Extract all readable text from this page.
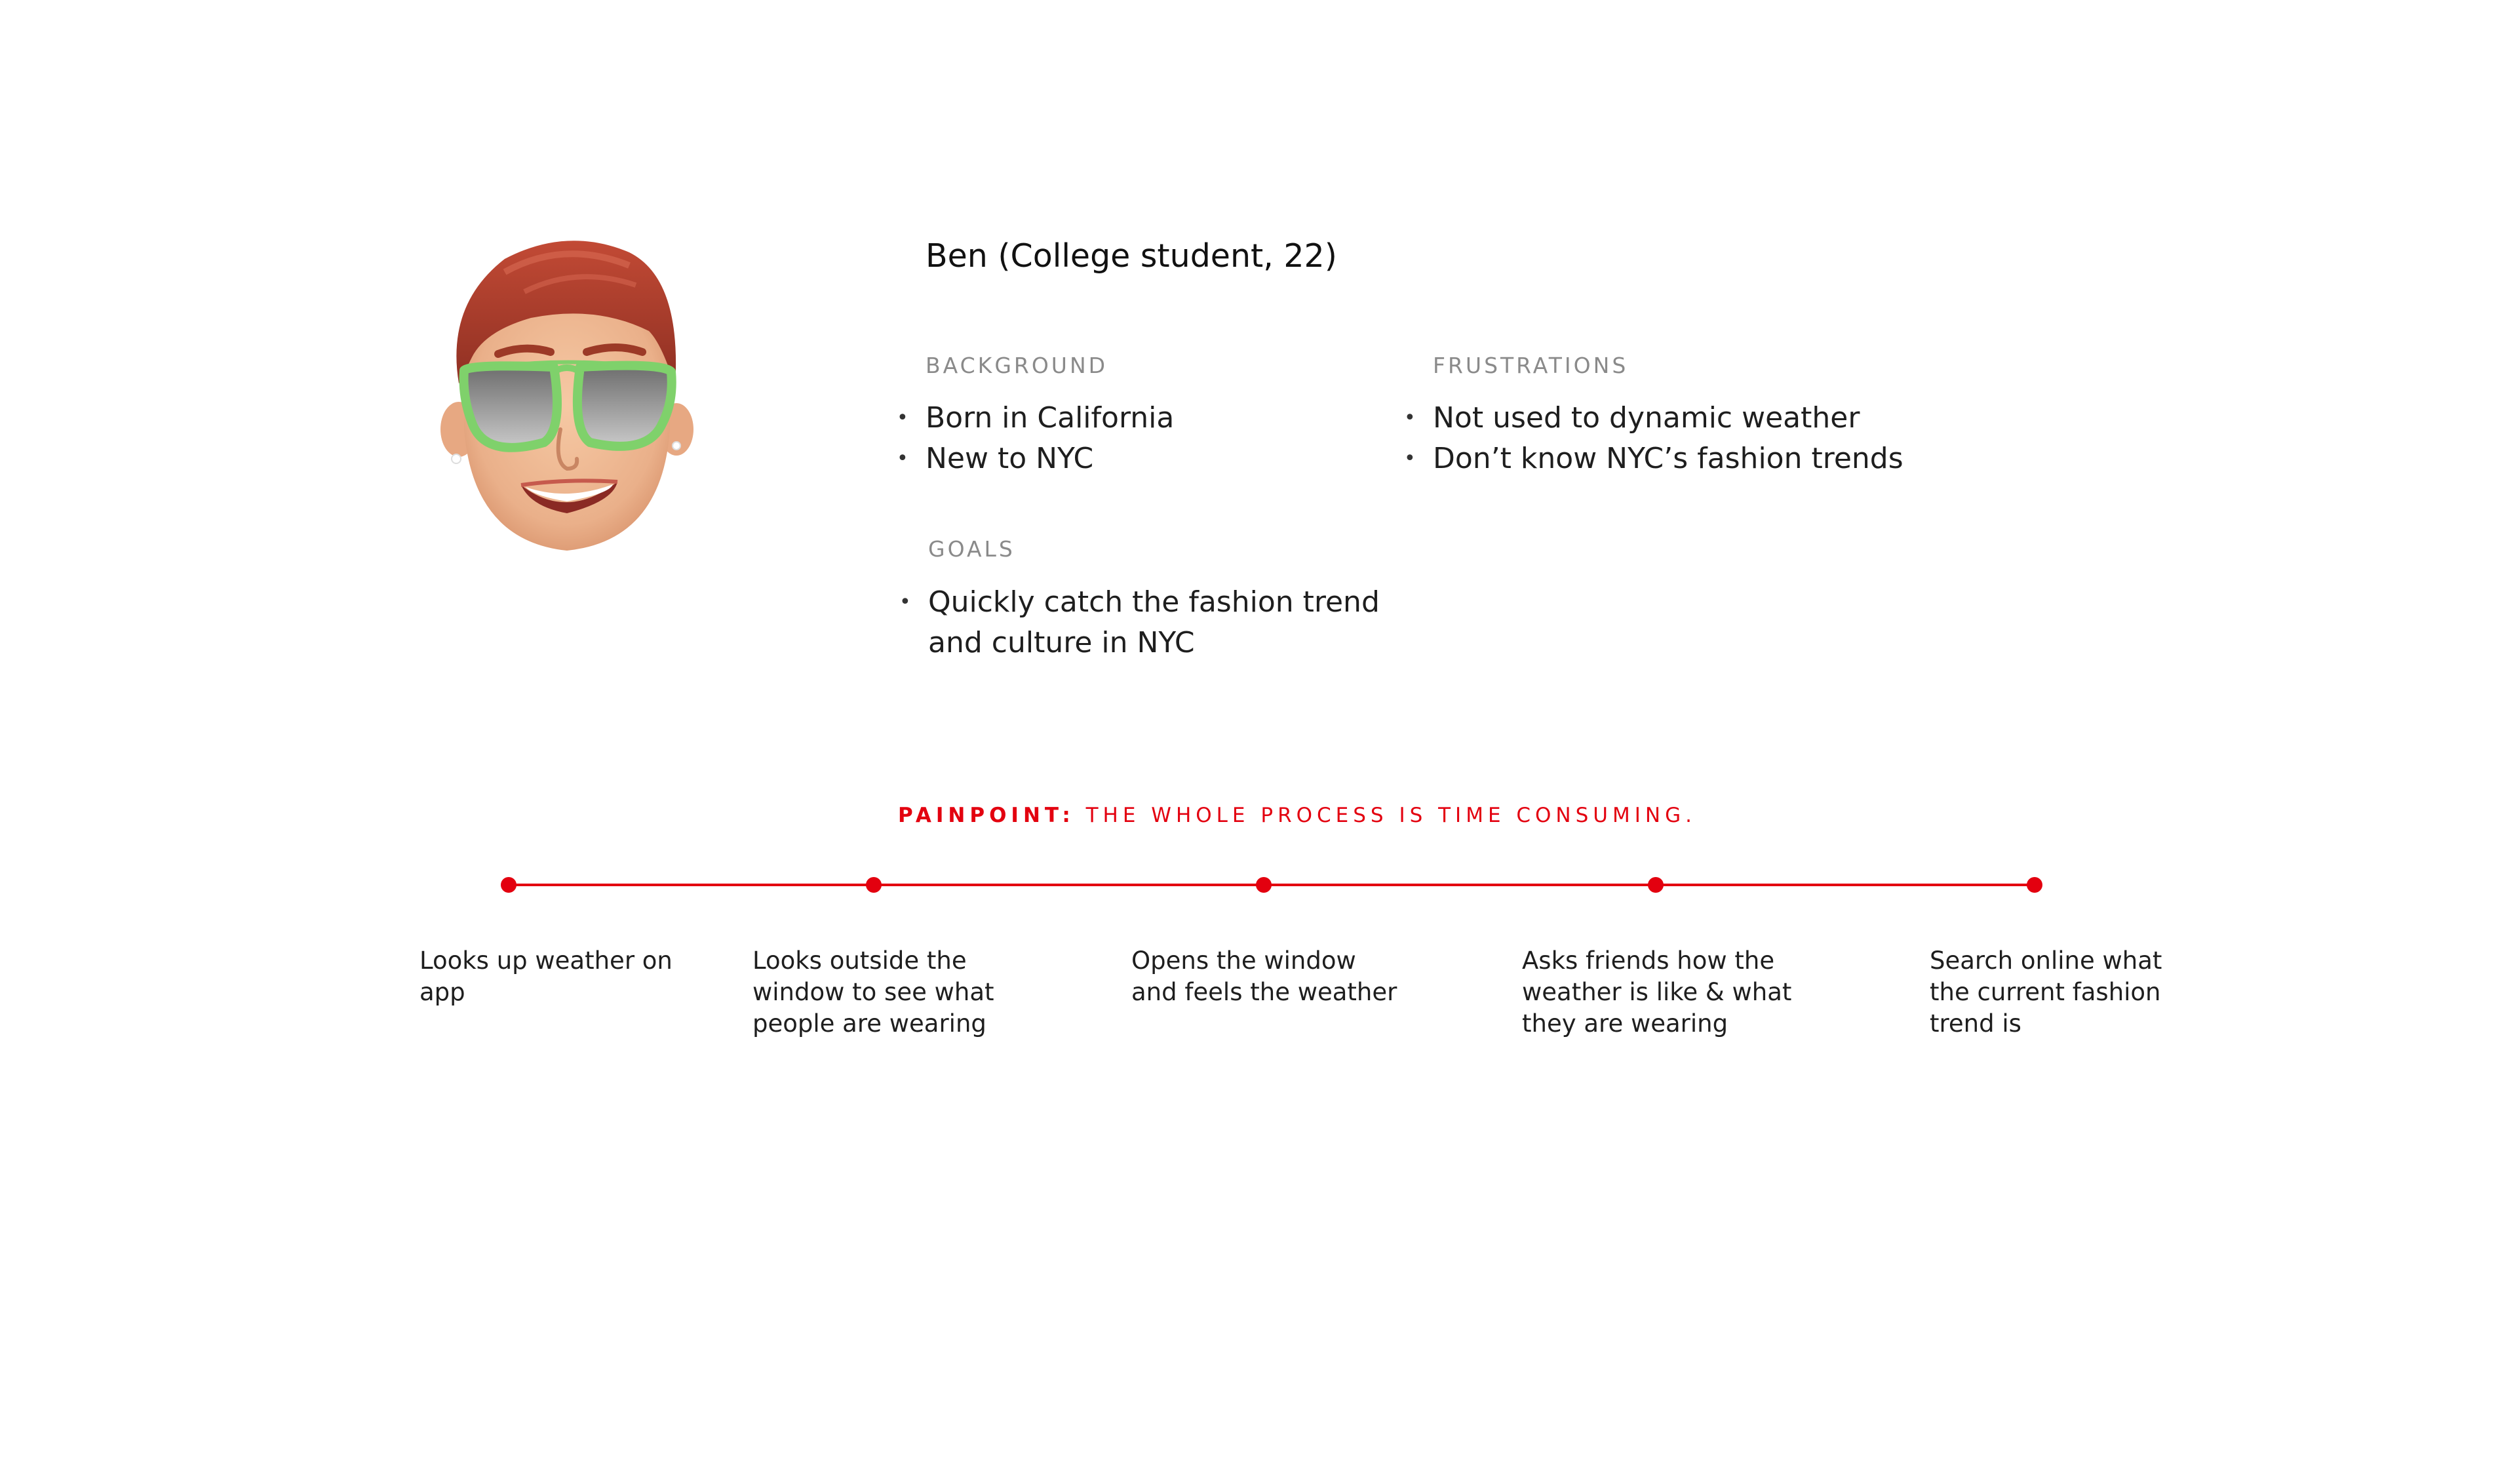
Ben (College student, 22)
BACKGROUND
• Born in California
• New to NYC
FRUSTRATIONS
• Not used to dynamic weather
• Don’t know NYC’s fashion trends
GOALS
• Quickly catch the fashion trend and culture in NYC
PAINPOINT: THE WHOLE PROCESS IS TIME CONSUMING.
Looks up weather on app
Looks outside the window to see what people are wearing
Opens the window and feels the weather
Asks friends how the weather is like & what they are wearing
Search online what the current fashion trend is
